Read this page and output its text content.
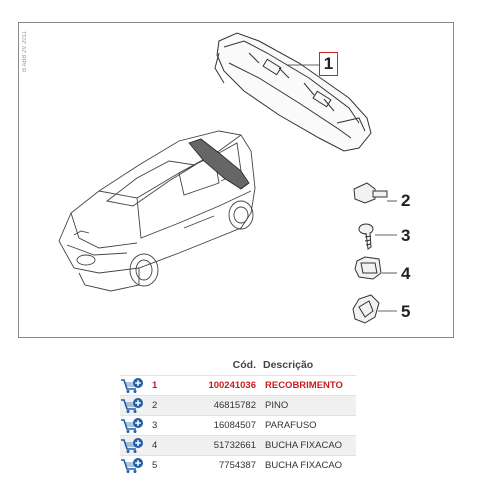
B ABB 2V 2011	1
2
3
4
5
		Cód.	Descrição
	1	100241036	RECOBRIMENTO
	2	46815782	PINO
	3	16084507	PARAFUSO
	4	51732661	BUCHA FIXACAO
	5	7754387	BUCHA FIXACAO
